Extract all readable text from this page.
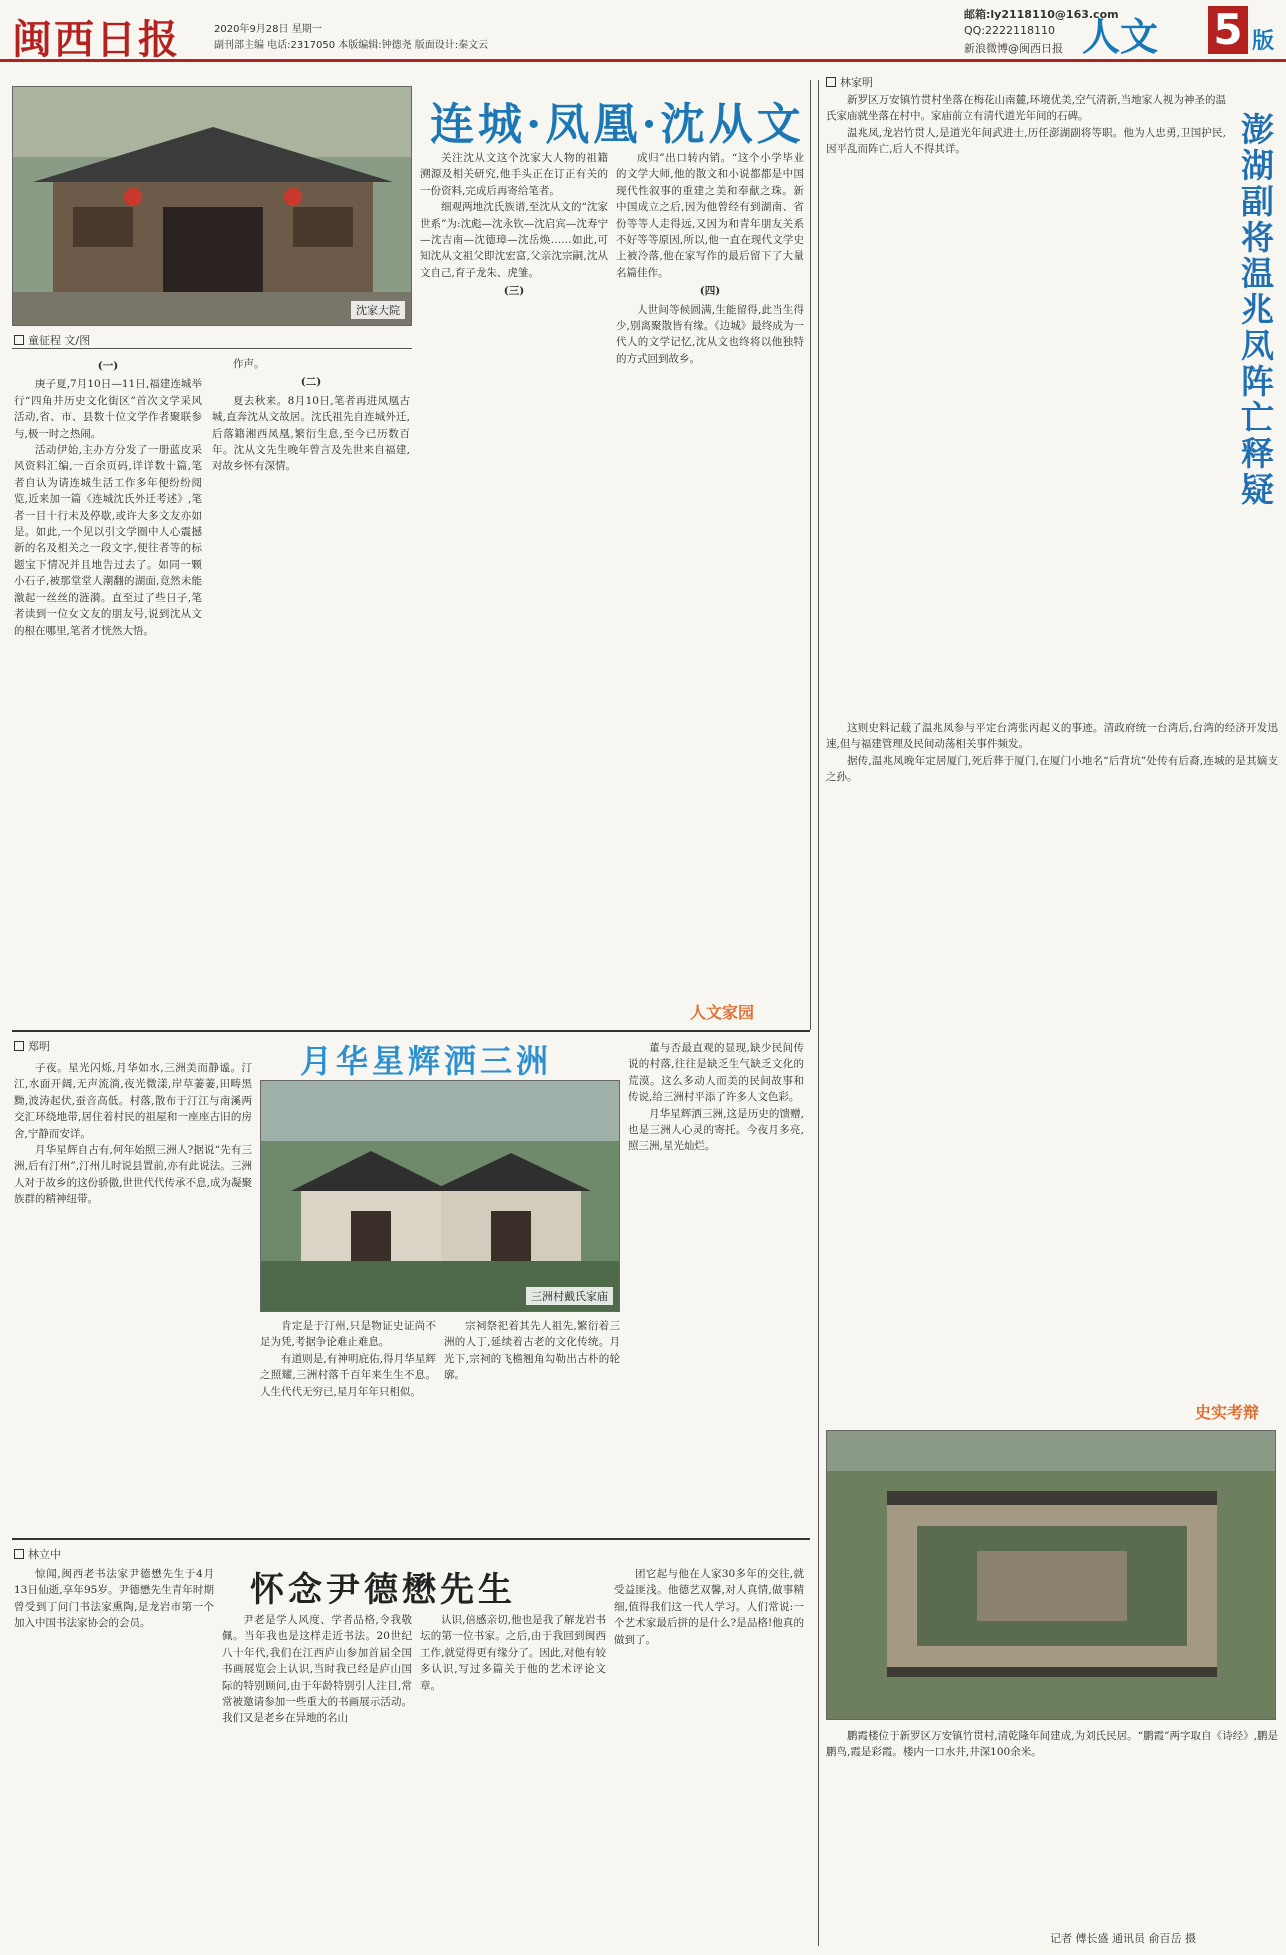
闽西日报	2020年9月28日 星期一
副刊部主编 电话:2317050 本版编辑:钟德尧 版面设计:秦文云
邮箱:ly2118110@163.com
QQ:2222118110
新浪微博@闽西日报 人文 5 版
沈家大院
连城·凤凰·沈从文
童征程 文/图

(一)

庚子夏,7月10日—11日,福建连城举行“四角井历史文化街区”首次文学采风活动,省、市、县数十位文学作者聚联参与,极一时之热闹。

活动伊始,主办方分发了一册蓝皮采风资料汇编,一百余页码,详详数十篇,笔者自认为请连城生活工作多年便纷纷阅览,近来加一篇《连城沈氏外迁考述》,笔者一目十行未及停歇,或许大多文友亦如是。如此,一个见以引文学圈中人心震撼新的名及相关之一段文字,便往者等的标题宝下情况并且地告过去了。如同一颗小石子,被那堂堂人潮翻的湖面,竟然未能激起一丝丝的涟漪。直至过了些日子,笔者读到一位女文友的朋友号,说到沈从文的根在哪里,笔者才恍然大悟。

作声。

(二)

夏去秋来。8月10日,笔者再进凤凰古城,直奔沈从文故居。沈氏祖先自连城外迁,后落籍湘西凤凰,繁衍生息,至今已历数百年。沈从文先生晚年曾言及先世来自福建,对故乡怀有深情。

关注沈从文这个沈家大人物的祖籍溯源及相关研究,他手头正在订正有关的一份资料,完成后再寄给笔者。

细观两地沈氏族谱,至沈从文的“沈家世系”为:沈彪—沈永钦—沈启宾—沈寿宁—沈吉南—沈德璋—沈岳焕……如此,可知沈从文祖父即沈宏富,父亲沈宗嗣,沈从文自己,育子龙朱、虎雏。

(三)

成归”出口转内销。“这个小学毕业的文学大师,他的散文和小说都都是中国现代性叙事的重建之美和奉献之珠。新中国成立之后,因为他曾经有到湖南、省份等等人走得远,又因为和青年朋友关系不好等等原因,所以,他一直在现代文学史上被冷落,他在家写作的最后留下了大量名篇佳作。

(四)

人世间等候圆满,生能留得,此当生得少,别离聚散皆有缘。《边城》最终成为一代人的文学记忆,沈从文也终将以他独特的方式回到故乡。

人文家园
郑明	月华星辉洒三洲
三洲村戴氏家庙

子夜。星光闪烁,月华如水,三洲美而静谧。汀江,水面开阔,无声流淌,夜光微漾,岸草萋萋,田畴黑黝,波涛起伏,蚕音高低。村落,散布于汀江与南溪两交汇环绕地带,居住着村民的祖屋和一座座古旧的房舍,宁静而安详。

月华星辉自古有,何年始照三洲人?据说“先有三洲,后有汀州”,汀州儿时说县置前,亦有此说法。三洲人对于故乡的这份骄傲,世世代代传承不息,成为凝聚族群的精神纽带。

肯定是于汀州,只是物证史证尚不足为凭,考据争论难止难息。

有道则是,有神明庇佑,得月华星辉之照耀,三洲村落千百年来生生不息。人生代代无穷已,星月年年只相似。

宗祠祭祀着其先人祖先,繁衍着三洲的人丁,延续着古老的文化传统。月光下,宗祠的飞檐翘角勾勒出古朴的轮廓。

董与否最直观的显现,缺少民间传说的村落,往往是缺乏生气缺乏文化的荒漠。这么多动人而美的民间故事和传说,给三洲村平添了许多人文色彩。

月华星辉洒三洲,这是历史的馈赠,也是三洲人心灵的寄托。今夜月多亮,照三洲,星光灿烂。

林立中
怀念尹德懋先生

惊闻,闽西老书法家尹德懋先生于4月13日仙逝,享年95岁。尹德懋先生青年时期曾受到丁问门书法家熏陶,是龙岩市第一个加入中国书法家协会的会员。	尹老是学人风度、学者品格,令我敬佩。当年我也是这样走近书法。20世纪八十年代,我们在江西庐山参加首届全国书画展览会上认识,当时我已经是庐山国际的特别顾问,由于年龄特别引人注目,常常被邀请参加一些重大的书画展示活动。我们又是老乡在异地的名山

认识,倍感亲切,他也是我了解龙岩书坛的第一位书家。之后,由于我回到闽西工作,就觉得更有缘分了。因此,对他有较多认识,写过多篇关于他的艺术评论文章。

团它起与他在人家30多年的交往,就受益匪浅。他德艺双馨,对人真情,做事精细,值得我们这一代人学习。人们常说:一个艺术家最后拼的是什么?是品格!他真的做到了。

林家明
澎湖副将温兆凤阵亡释疑

新罗区万安镇竹贯村坐落在梅花山南麓,环境优美,空气清新,当地家人视为神圣的温氏家庙就坐落在村中。家庙前立有清代道光年间的石碑。

温兆凤,龙岩竹贯人,是道光年间武进士,历任澎湖副将等职。他为人忠勇,卫国护民,因平乱而阵亡,后人不得其详。

这则史料记载了温兆凤参与平定台湾张丙起义的事迹。清政府统一台湾后,台湾的经济开发迅速,但与福建管理及民间动荡相关事件频发。

据传,温兆凤晚年定居厦门,死后葬于厦门,在厦门小地名“后背坑”处传有后裔,连城的是其嫡支之孙。

史实考辩

鹏霞楼位于新罗区万安镇竹贯村,清乾隆年间建成,为刘氏民居。“鹏霞”两字取自《诗经》,鹏是鹏鸟,霞是彩霞。楼内一口水井,井深100余米。

记者 傅长盛 通讯员 俞百岳 摄
